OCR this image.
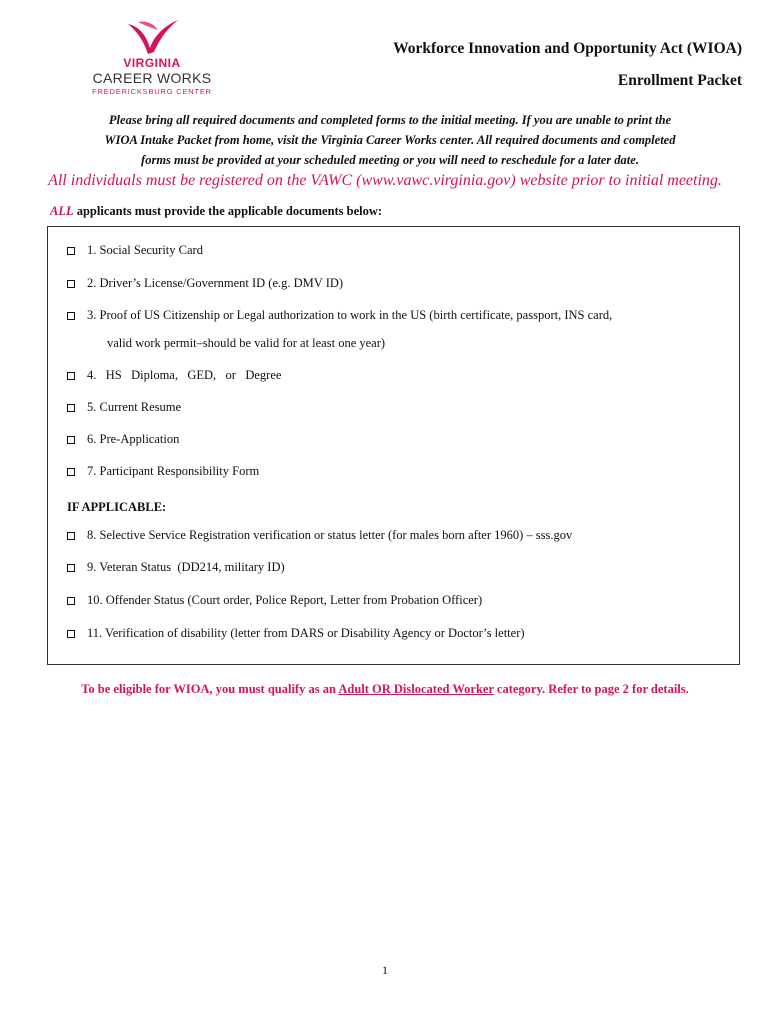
VIRGINIA
CAREER WORKS
FREDERICKSBURG CENTER
Workforce Innovation and Opportunity Act (WIOA)
Enrollment Packet
Please bring all required documents and completed forms to the initial meeting. If you are unable to print the
WIOA Intake Packet from home, visit the Virginia Career Works center. All required documents and completed
forms must be provided at your scheduled meeting or you will need to reschedule for a later date.
All individuals must be registered on the VAWC (www.vawc.virginia.gov) website prior to initial meeting.
ALL applicants must provide the applicable documents below:
1. Social Security Card
2. Driver’s License/Government ID (e.g. DMV ID)
3. Proof of US Citizenship or Legal authorization to work in the US (birth certificate, passport, INS card,
valid work permit–should be valid for at least one year)
4.   HS   Diploma,   GED,   or   Degree
5. Current Resume
6. Pre-Application
7. Participant Responsibility Form
IF APPLICABLE:
8. Selective Service Registration verification or status letter (for males born after 1960) – sss.gov
9. Veteran Status  (DD214, military ID)
10. Offender Status (Court order, Police Report, Letter from Probation Officer)
11. Verification of disability (letter from DARS or Disability Agency or Doctor’s letter)
To be eligible for WIOA, you must qualify as an Adult OR Dislocated Worker category. Refer to page 2 for details.
1
